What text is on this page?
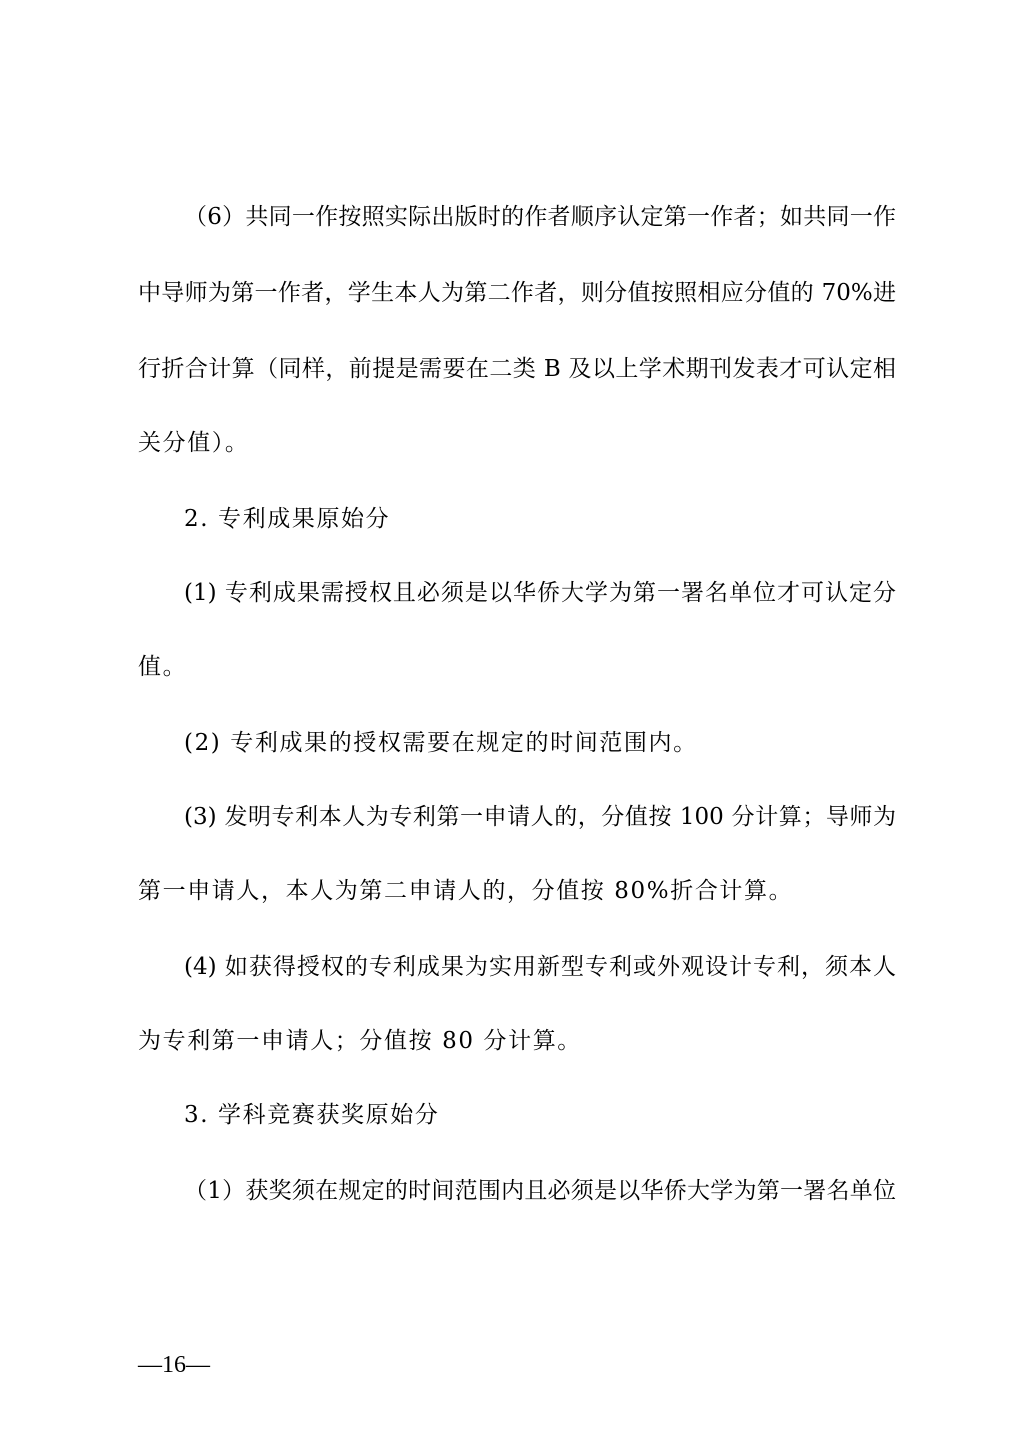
（6）共同一作按照实际出版时的作者顺序认定第一作者；如共同一作
中导师为第一作者，学生本人为第二作者，则分值按照相应分值的 70%进
行折合计算（同样，前提是需要在二类 B 及以上学术期刊发表才可认定相
关分值）。
2. 专利成果原始分
(1) 专利成果需授权且必须是以华侨大学为第一署名单位才可认定分
值。
(2) 专利成果的授权需要在规定的时间范围内。
(3) 发明专利本人为专利第一申请人的，分值按 100 分计算；导师为
第一申请人，本人为第二申请人的，分值按 80%折合计算。
(4) 如获得授权的专利成果为实用新型专利或外观设计专利，须本人
为专利第一申请人；分值按 80 分计算。
3. 学科竞赛获奖原始分
（1）获奖须在规定的时间范围内且必须是以华侨大学为第一署名单位
—16—
